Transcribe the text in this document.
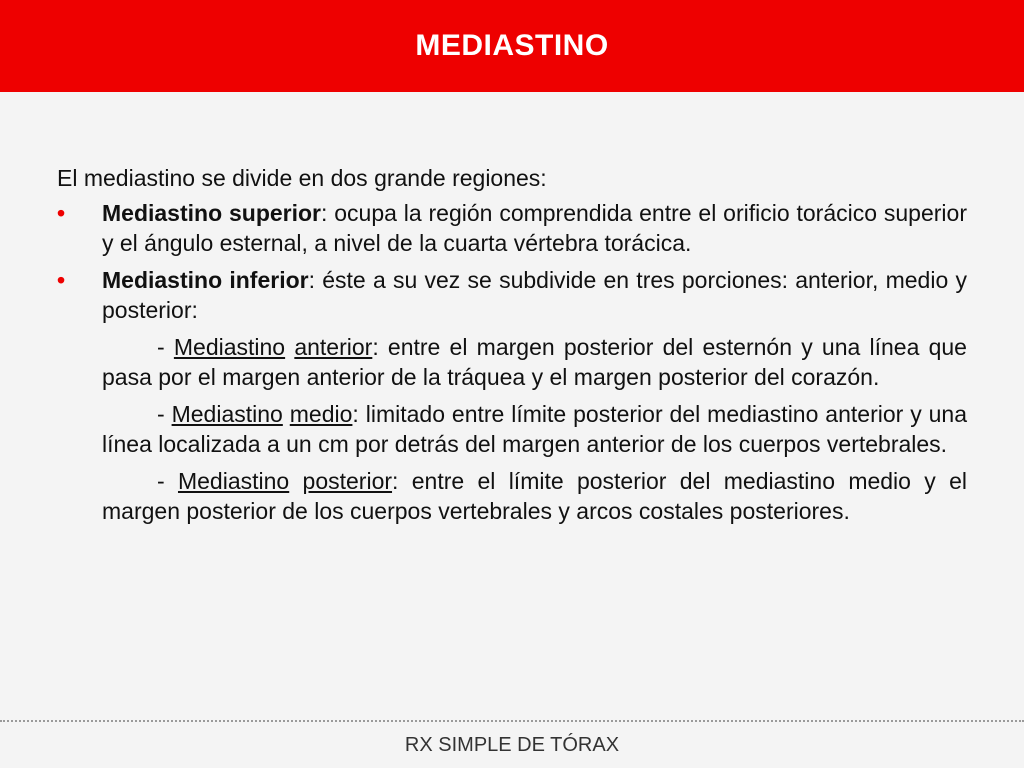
MEDIASTINO

El mediastino se divide en dos grande regiones:

• Mediastino superior: ocupa la región comprendida entre el orificio torácico superior y el ángulo esternal, a nivel de la cuarta vértebra torácica.

• Mediastino inferior: éste a su vez se subdivide en tres porciones: anterior, medio y posterior:

- Mediastino anterior: entre el margen posterior del esternón y una línea que pasa por el margen anterior de la tráquea y el margen posterior del corazón.

- Mediastino medio: limitado entre límite posterior del mediastino anterior y una línea localizada a un cm por detrás del margen anterior de los cuerpos vertebrales.

- Mediastino posterior: entre el límite posterior del mediastino medio y el margen posterior de los cuerpos vertebrales y arcos costales posteriores.

RX SIMPLE DE TÓRAX
